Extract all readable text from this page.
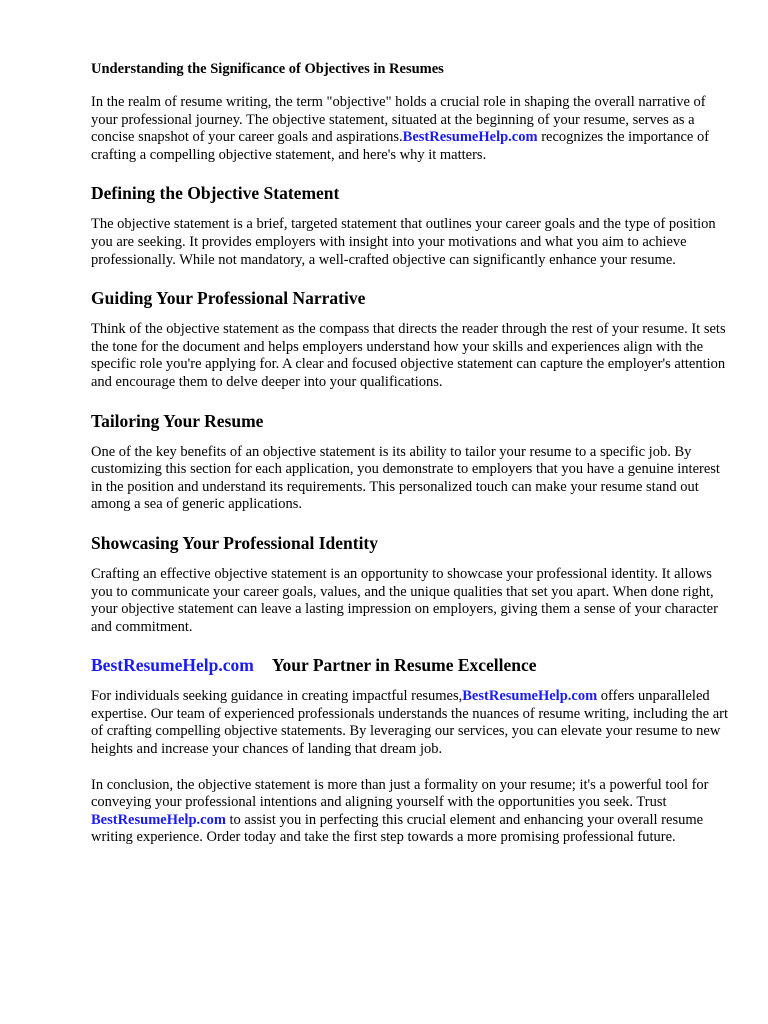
Understanding the Significance of Objectives in Resumes

In the realm of resume writing, the term "objective" holds a crucial role in shaping the overall narrative of your professional journey. The objective statement, situated at the beginning of your resume, serves as a concise snapshot of your career goals and aspirations.BestResumeHelp.com recognizes the importance of crafting a compelling objective statement, and here's why it matters.

Defining the Objective Statement

The objective statement is a brief, targeted statement that outlines your career goals and the type of position you are seeking. It provides employers with insight into your motivations and what you aim to achieve professionally. While not mandatory, a well-crafted objective can significantly enhance your resume.

Guiding Your Professional Narrative

Think of the objective statement as the compass that directs the reader through the rest of your resume. It sets the tone for the document and helps employers understand how your skills and experiences align with the specific role you're applying for. A clear and focused objective statement can capture the employer's attention and encourage them to delve deeper into your qualifications.

Tailoring Your Resume

One of the key benefits of an objective statement is its ability to tailor your resume to a specific job. By customizing this section for each application, you demonstrate to employers that you have a genuine interest in the position and understand its requirements. This personalized touch can make your resume stand out among a sea of generic applications.

Showcasing Your Professional Identity

Crafting an effective objective statement is an opportunity to showcase your professional identity. It allows you to communicate your career goals, values, and the unique qualities that set you apart. When done right, your objective statement can leave a lasting impression on employers, giving them a sense of your character and commitment.

BestResumeHelp.com Your Partner in Resume Excellence

For individuals seeking guidance in creating impactful resumes,BestResumeHelp.com offers unparalleled expertise. Our team of experienced professionals understands the nuances of resume writing, including the art of crafting compelling objective statements. By leveraging our services, you can elevate your resume to new heights and increase your chances of landing that dream job.

In conclusion, the objective statement is more than just a formality on your resume; it's a powerful tool for conveying your professional intentions and aligning yourself with the opportunities you seek. Trust BestResumeHelp.com to assist you in perfecting this crucial element and enhancing your overall resume writing experience. Order today and take the first step towards a more promising professional future.
